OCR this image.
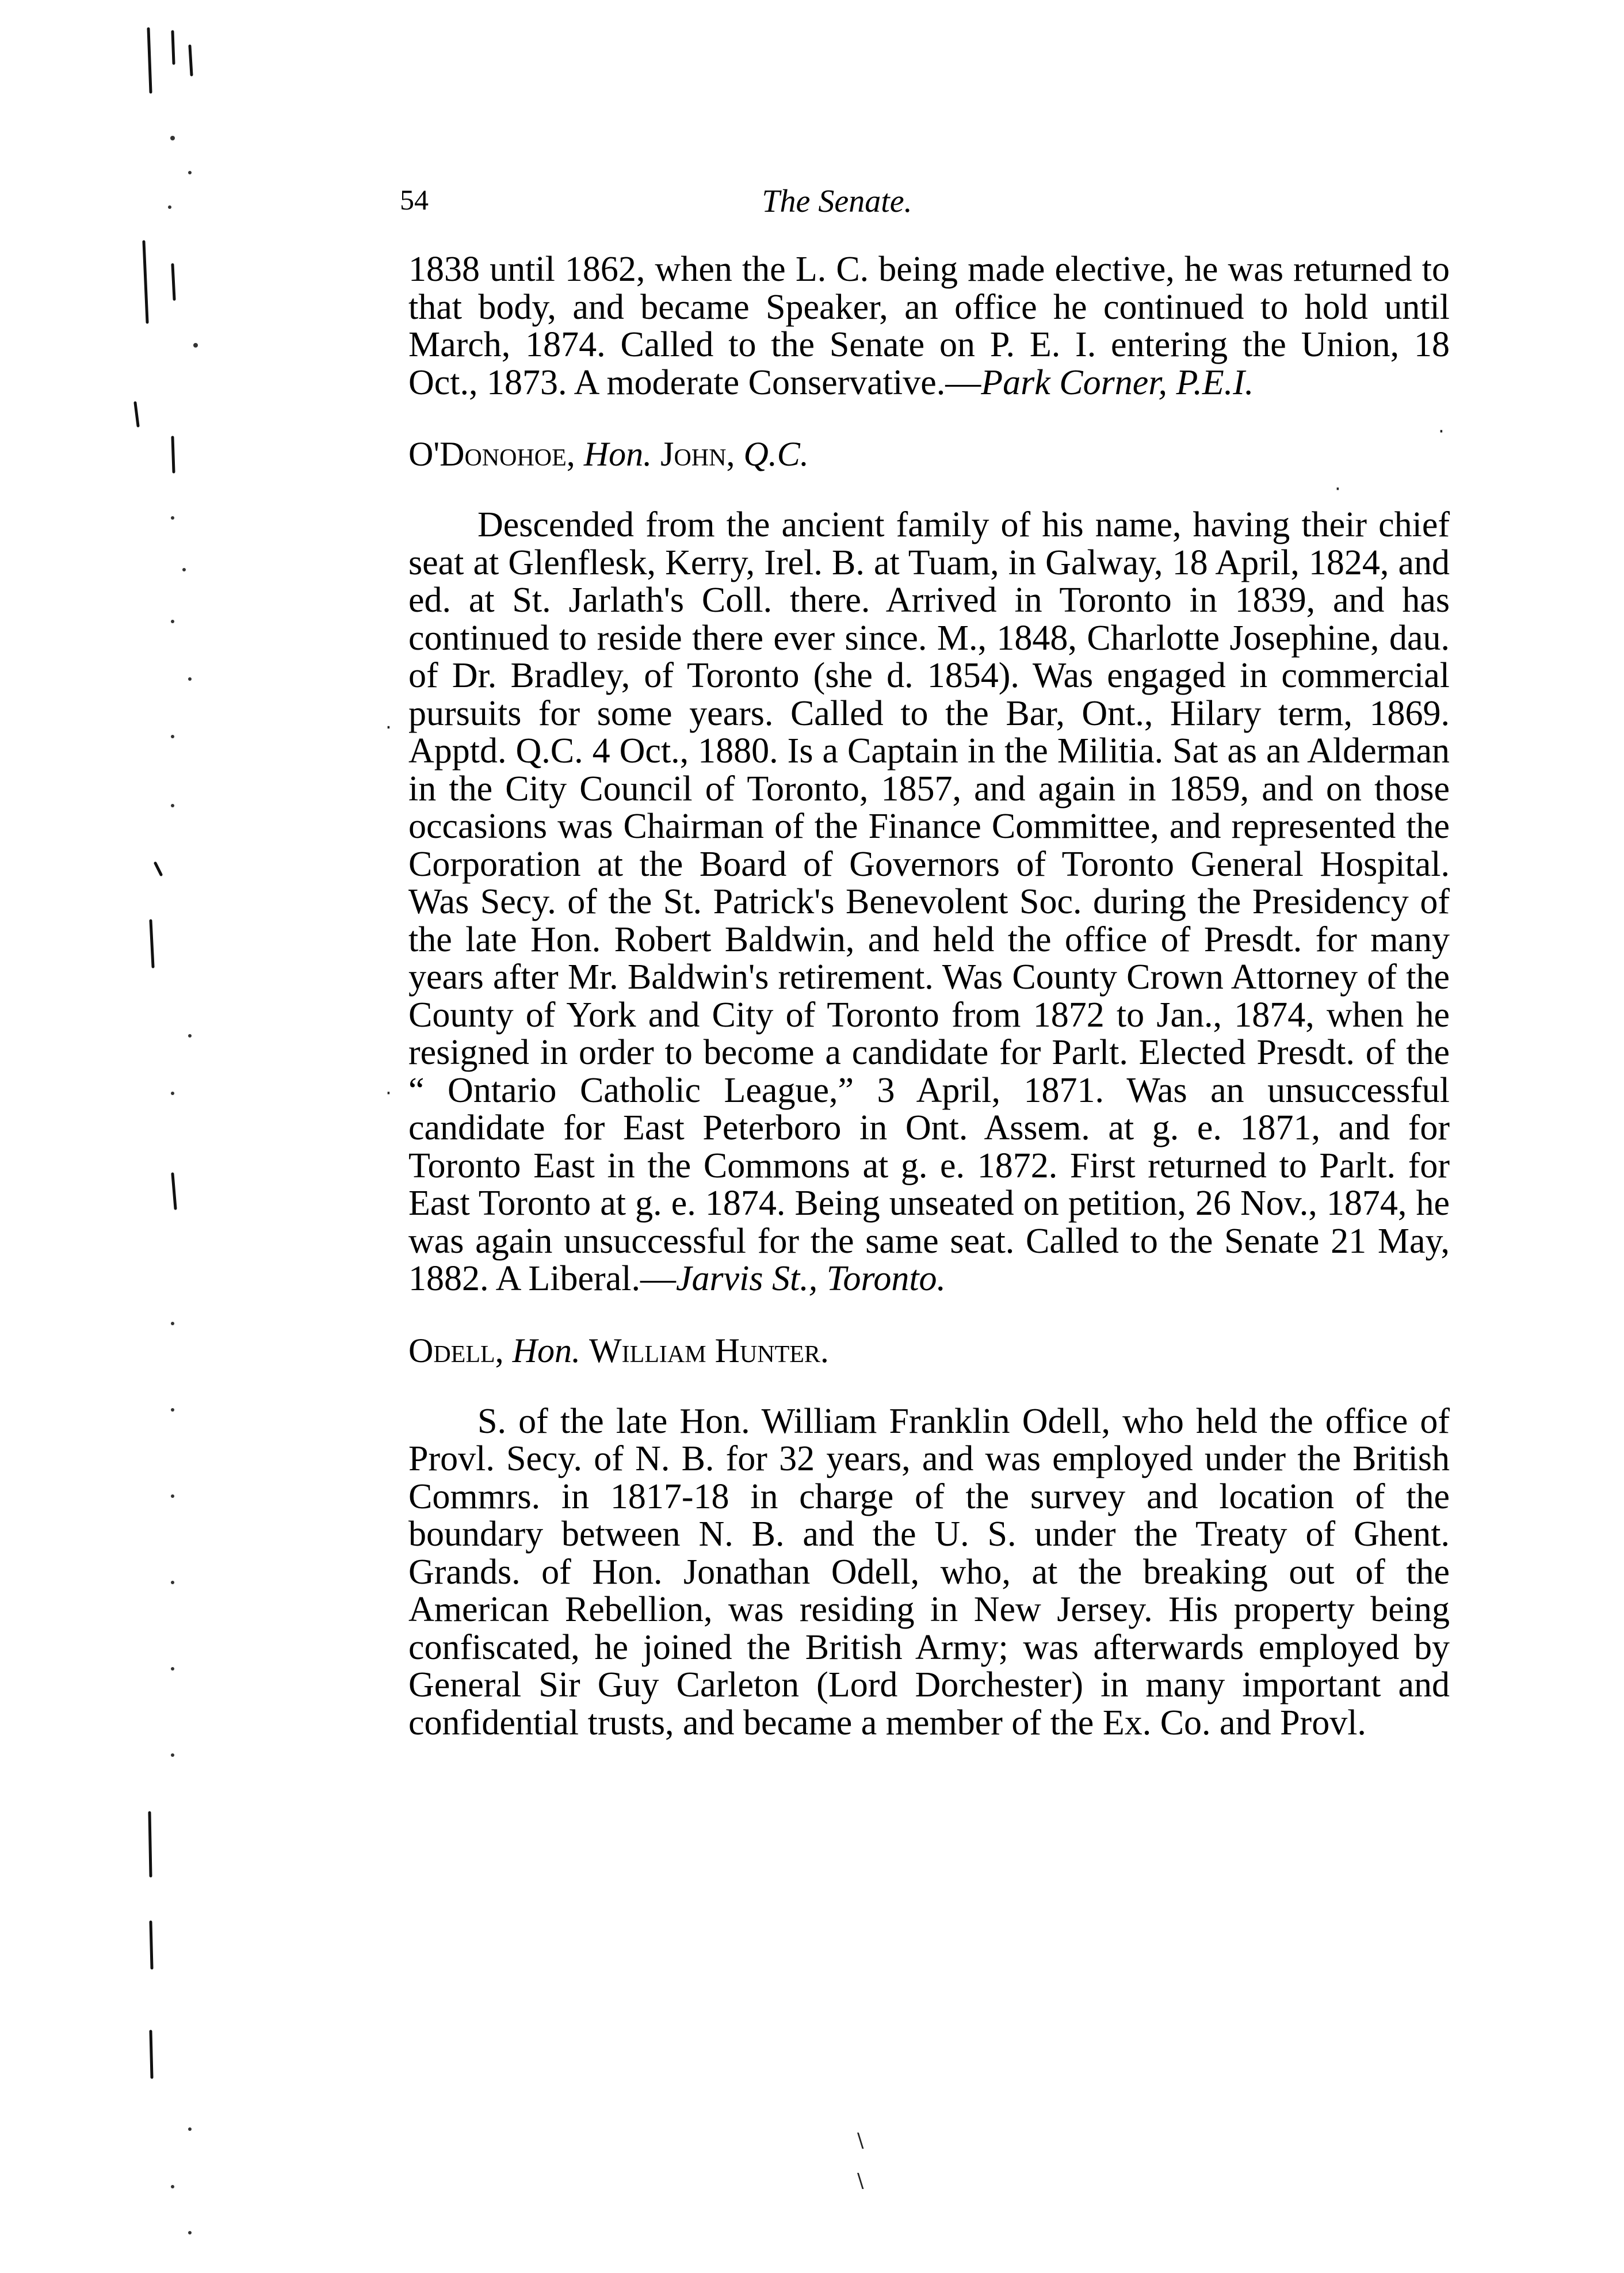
\
\
·
·
.
·
54	The Senate.

1838 until 1862, when the L. C. being made elective, he was returned to that body, and became Speaker, an office he continued to hold until March, 1874. Called to the Senate on P. E. I. entering the Union, 18 Oct., 1873. A moderate Conservative.—Park Corner, P.E.I.

O'Donohoe, Hon. John, Q.C.

Descended from the ancient family of his name, having their chief seat at Glenflesk, Kerry, Irel. B. at Tuam, in Galway, 18 April, 1824, and ed. at St. Jarlath's Coll. there. Arrived in Toronto in 1839, and has continued to reside there ever since. M., 1848, Charlotte Josephine, dau. of Dr. Bradley, of Toronto (she d. 1854). Was engaged in commercial pursuits for some years. Called to the Bar, Ont., Hilary term, 1869. Apptd. Q.C. 4 Oct., 1880. Is a Captain in the Militia. Sat as an Alderman in the City Council of Toronto, 1857, and again in 1859, and on those occasions was Chairman of the Finance Committee, and represented the Corporation at the Board of Governors of Toronto General Hospital. Was Secy. of the St. Patrick's Benevolent Soc. during the Presidency of the late Hon. Robert Baldwin, and held the office of Presdt. for many years after Mr. Baldwin's retirement. Was County Crown Attorney of the County of York and City of Toronto from 1872 to Jan., 1874, when he resigned in order to become a candidate for Parlt. Elected Presdt. of the “ Ontario Catholic League,” 3 April, 1871. Was an unsuccessful candidate for East Peterboro in Ont. Assem. at g. e. 1871, and for Toronto East in the Commons at g. e. 1872. First returned to Parlt. for East Toronto at g. e. 1874. Being unseated on petition, 26 Nov., 1874, he was again unsuccessful for the same seat. Called to the Senate 21 May, 1882. A Liberal.—Jarvis St., Toronto.

Odell, Hon. William Hunter.

S. of the late Hon. William Franklin Odell, who held the office of Provl. Secy. of N. B. for 32 years, and was employed under the British Commrs. in 1817-18 in charge of the survey and location of the boundary between N. B. and the U. S. under the Treaty of Ghent. Grands. of Hon. Jonathan Odell, who, at the breaking out of the American Rebellion, was residing in New Jersey. His property being confiscated, he joined the British Army; was afterwards employed by General Sir Guy Carleton (Lord Dorchester) in many important and confidential trusts, and became a member of the Ex. Co. and Provl.
